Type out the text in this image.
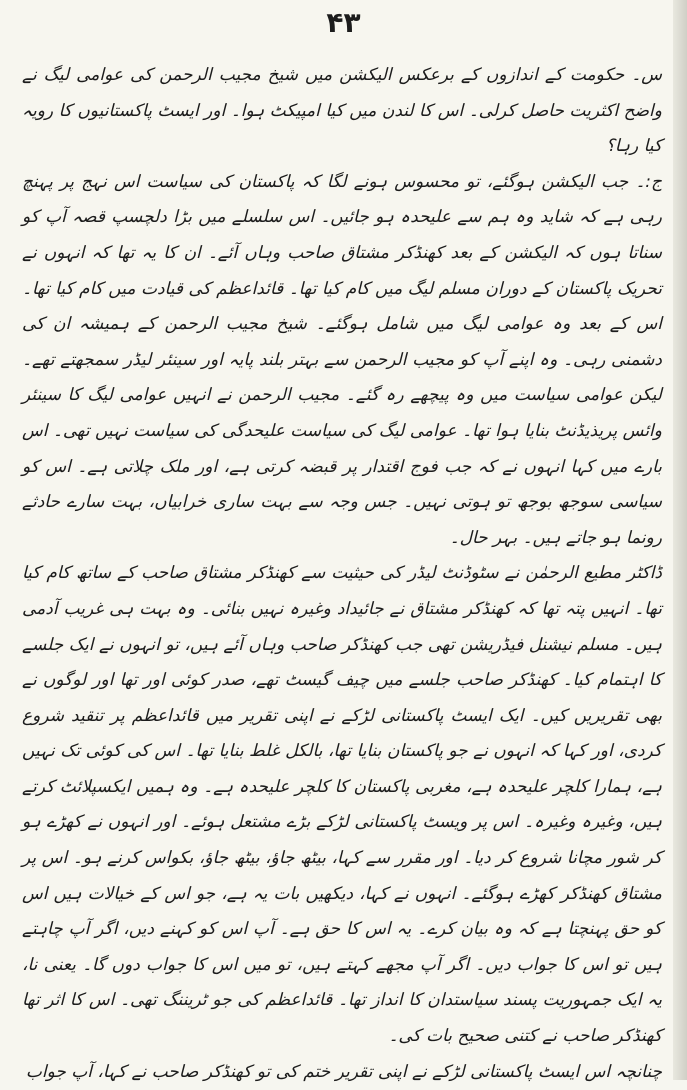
۴۳

س۔ حکومت کے اندازوں کے برعکس الیکشن میں شیخ مجیب الرحمن کی عوامی لیگ نے واضح اکثریت حاصل کرلی۔ اس کا لندن میں کیا امپیکٹ ہوا۔ اور ایسٹ پاکستانیوں کا رویہ کیا رہا؟

ج:۔ جب الیکشن ہوگئے، تو محسوس ہونے لگا کہ پاکستان کی سیاست اس نہج پر پہنچ رہی ہے کہ شاید وہ ہم سے علیحدہ ہو جائیں۔ اس سلسلے میں بڑا دلچسپ قصہ آپ کو سناتا ہوں کہ الیکشن کے بعد کھنڈکر مشتاق صاحب وہاں آئے۔ ان کا یہ تھا کہ انہوں نے تحریک پاکستان کے دوران مسلم لیگ میں کام کیا تھا۔ قائداعظم کی قیادت میں کام کیا تھا۔ اس کے بعد وہ عوامی لیگ میں شامل ہوگئے۔ شیخ مجیب الرحمن کے ہمیشہ ان کی دشمنی رہی۔ وہ اپنے آپ کو مجیب الرحمن سے بہتر بلند پایہ اور سینئر لیڈر سمجھتے تھے۔ لیکن عوامی سیاست میں وہ پیچھے رہ گئے۔ مجیب الرحمن نے انہیں عوامی لیگ کا سینئر وائس پریذیڈنٹ بنایا ہوا تھا۔ عوامی لیگ کی سیاست علیحدگی کی سیاست نہیں تھی۔ اس بارے میں کہا انہوں نے کہ جب فوج اقتدار پر قبضہ کرتی ہے، اور ملک چلاتی ہے۔ اس کو سیاسی سوجھ بوجھ تو ہوتی نہیں۔ جس وجہ سے بہت ساری خرابیاں، بہت سارے حادثے رونما ہو جاتے ہیں۔ بہر حال۔

ڈاکٹر مطیع الرحمٰن نے سٹوڈنٹ لیڈر کی حیثیت سے کھنڈکر مشتاق صاحب کے ساتھ کام کیا تھا۔ انہیں پتہ تھا کہ کھنڈکر مشتاق نے جائیداد وغیرہ نہیں بنائی۔ وہ بہت ہی غریب آدمی ہیں۔ مسلم نیشنل فیڈریشن تھی جب کھنڈکر صاحب وہاں آئے ہیں، تو انہوں نے ایک جلسے کا اہتمام کیا۔ کھنڈکر صاحب جلسے میں چیف گیسٹ تھے، صدر کوئی اور تھا اور لوگوں نے بھی تقریریں کیں۔ ایک ایسٹ پاکستانی لڑکے نے اپنی تقریر میں قائداعظم پر تنقید شروع کردی، اور کہا کہ انہوں نے جو پاکستان بنایا تھا، بالکل غلط بنایا تھا۔ اس کی کوئی تک نہیں ہے، ہمارا کلچر علیحدہ ہے، مغربی پاکستان کا کلچر علیحدہ ہے۔ وہ ہمیں ایکسپلائٹ کرتے ہیں، وغیرہ وغیرہ۔ اس پر ویسٹ پاکستانی لڑکے بڑے مشتعل ہوئے۔ اور انہوں نے کھڑے ہو کر شور مچانا شروع کر دیا۔ اور مقرر سے کہا، بیٹھ جاؤ، بیٹھ جاؤ، بکواس کرنے ہو۔ اس پر مشتاق کھنڈکر کھڑے ہوگئے۔ انہوں نے کہا، دیکھیں بات یہ ہے، جو اس کے خیالات ہیں اس کو حق پہنچتا ہے کہ وہ بیان کرے۔ یہ اس کا حق ہے۔ آپ اس کو کہنے دیں، اگر آپ چاہتے ہیں تو اس کا جواب دیں۔ اگر آپ مجھے کہتے ہیں، تو میں اس کا جواب دوں گا۔ یعنی نا، یہ ایک جمہوریت پسند سیاستدان کا انداز تھا۔ قائداعظم کی جو ٹریننگ تھی۔ اس کا اثر تھا کھنڈکر صاحب نے کتنی صحیح بات کی۔

چنانچہ اس ایسٹ پاکستانی لڑکے نے اپنی تقریر ختم کی تو کھنڈکر صاحب نے کہا، آپ جواب
